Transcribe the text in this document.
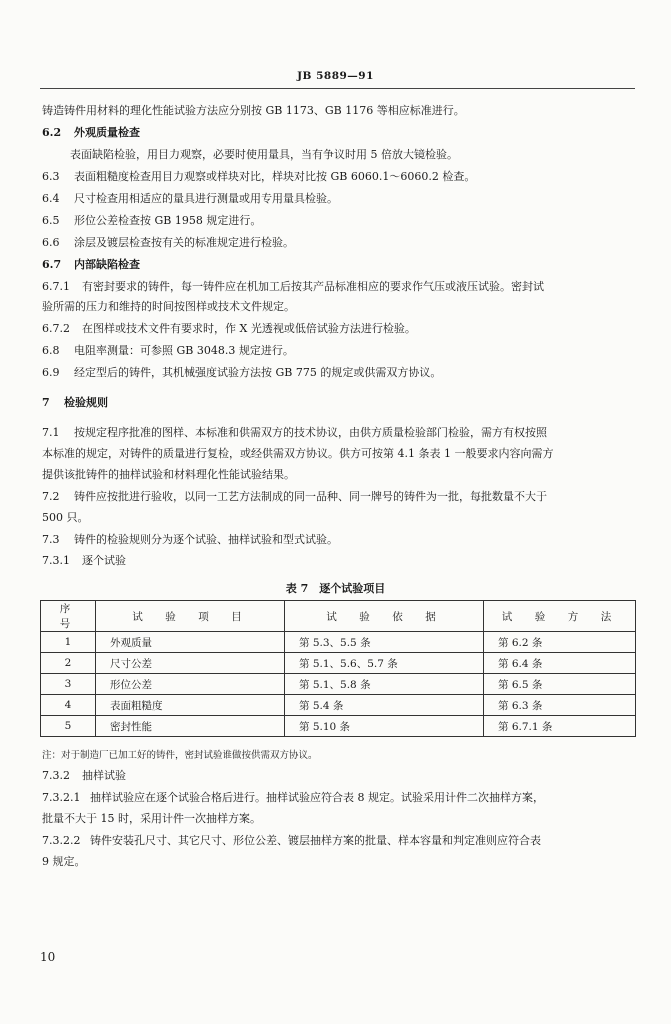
JB 5889—91
铸造铸件用材料的理化性能试验方法应分别按 GB 1173、GB 1176 等相应标准进行。
6.2 外观质量检查
表面缺陷检验，用目力观察，必要时使用量具，当有争议时用 5 倍放大镜检验。
6.3 表面粗糙度检查用目力观察或样块对比，样块对比按 GB 6060.1～6060.2 检查。
6.4 尺寸检查用相适应的量具进行测量或用专用量具检验。
6.5 形位公差检查按 GB 1958 规定进行。
6.6 涂层及镀层检查按有关的标准规定进行检验。
6.7 内部缺陷检查
6.7.1 有密封要求的铸件，每一铸件应在机加工后按其产品标准相应的要求作气压或液压试验。密封试
验所需的压力和维持的时间按图样或技术文件规定。
6.7.2 在图样或技术文件有要求时，作 X 光透视或低倍试验方法进行检验。
6.8 电阻率测量：可参照 GB 3048.3 规定进行。
6.9 经定型后的铸件，其机械强度试验方法按 GB 775 的规定或供需双方协议。
7 检验规则
7.1 按规定程序批准的图样、本标准和供需双方的技术协议，由供方质量检验部门检验，需方有权按照
本标准的规定，对铸件的质量进行复检，或经供需双方协议。供方可按第 4.1 条表 1 一般要求内容向需方
提供该批铸件的抽样试验和材料理化性能试验结果。
7.2 铸件应按批进行验收，以同一工艺方法制成的同一品种、同一牌号的铸件为一批，每批数量不大于
500 只。
7.3 铸件的检验规则分为逐个试验、抽样试验和型式试验。
7.3.1 逐个试验
表 7　逐个试验项目
序　号	试　验　项　目	试　验　依　据	试　验　方　法
1	外观质量	第 5.3、5.5 条	第 6.2 条
2	尺寸公差	第 5.1、5.6、5.7 条	第 6.4 条
3	形位公差	第 5.1、5.8 条	第 6.5 条
4	表面粗糙度	第 5.4 条	第 6.3 条
5	密封性能	第 5.10 条	第 6.7.1 条
注：对于制造厂已加工好的铸件，密封试验谁做按供需双方协议。
7.3.2 抽样试验
7.3.2.1 抽样试验应在逐个试验合格后进行。抽样试验应符合表 8 规定。试验采用计件二次抽样方案，
批量不大于 15 时，采用计件一次抽样方案。
7.3.2.2 铸件安装孔尺寸、其它尺寸、形位公差、镀层抽样方案的批量、样本容量和判定准则应符合表
9 规定。
10
